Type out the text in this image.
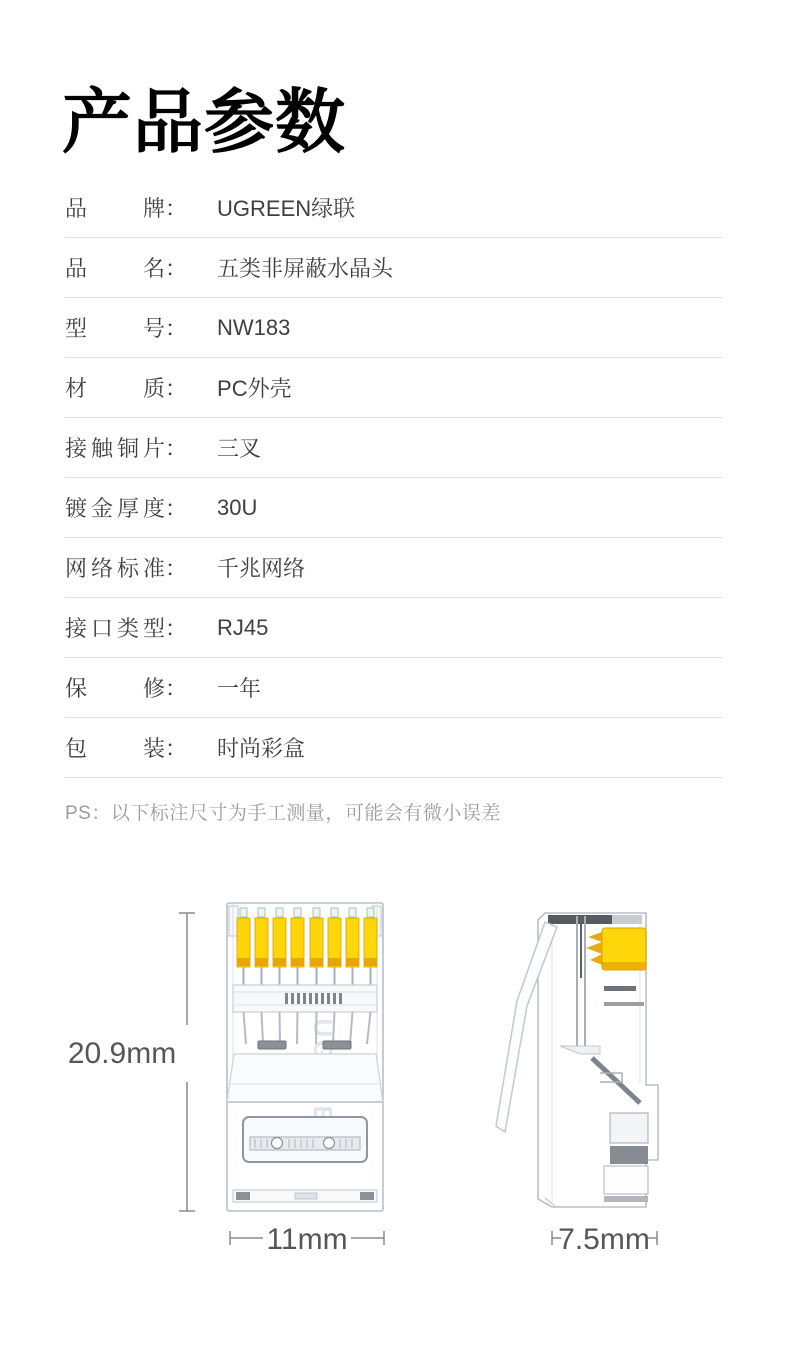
产品参数
品牌 ： UGREEN绿联
品名 ： 五类非屏蔽水晶头
型号 ： NW183
材质 ： PC外壳
接触铜片 ： 三叉
镀金厚度 ： 30U
网络标准 ： 千兆网络
接口类型 ： RJ45
保修 ： 一年
包装 ： 时尚彩盒

PS：以下标注尺寸为手工测量，可能会有微小误差

20.9mm
11mm	7.5mm
